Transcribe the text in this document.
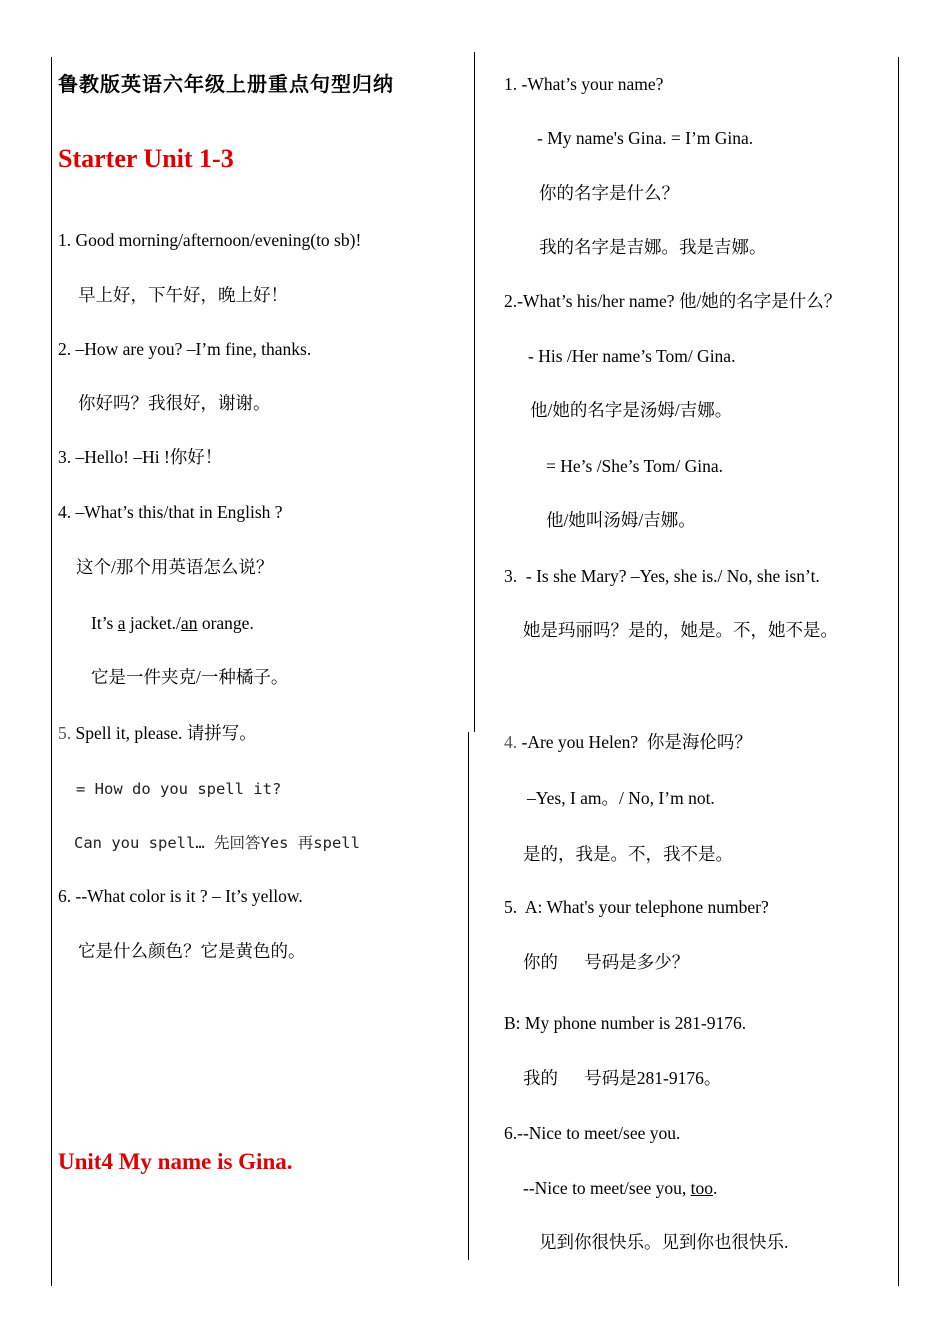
鲁教版英语六年级上册重点句型归纳
Starter Unit 1-3
1. Good morning/afternoon/evening(to sb)!
早上好，下午好，晚上好！
2. –How are you? –I’m fine, thanks.
你好吗？我很好，谢谢。
3. –Hello! –Hi !你好！
4. –What’s this/that in English ?
这个/那个用英语怎么说？
It’s a jacket./an orange.
它是一件夹克/一种橘子。
5. Spell it, please. 请拼写。
= How do you spell it?
Can you spell… 先回答Yes 再spell
6. --What color is it ? – It’s yellow.
它是什么颜色？它是黄色的。
Unit4 My name is Gina.
1. -What’s your name?
- My name's Gina. = I’m Gina.
你的名字是什么？
我的名字是吉娜。我是吉娜。
2.-What’s his/her name? 他/她的名字是什么？
- His /Her name’s Tom/ Gina.
他/她的名字是汤姆/吉娜。
= He’s /She’s Tom/ Gina.
他/她叫汤姆/吉娜。
3.  - Is she Mary? –Yes, she is./ No, she isn’t.
她是玛丽吗？是的，她是。不，她不是。
4. -Are you Helen?  你是海伦吗？
–Yes, I am。/ No, I’m not.
是的，我是。不，我不是。
5.  A: What's your telephone number?
你的      号码是多少？
B: My phone number is 281-9176.
我的      号码是281-9176。
6.--Nice to meet/see you.
--Nice to meet/see you, too.
见到你很快乐。见到你也很快乐.
